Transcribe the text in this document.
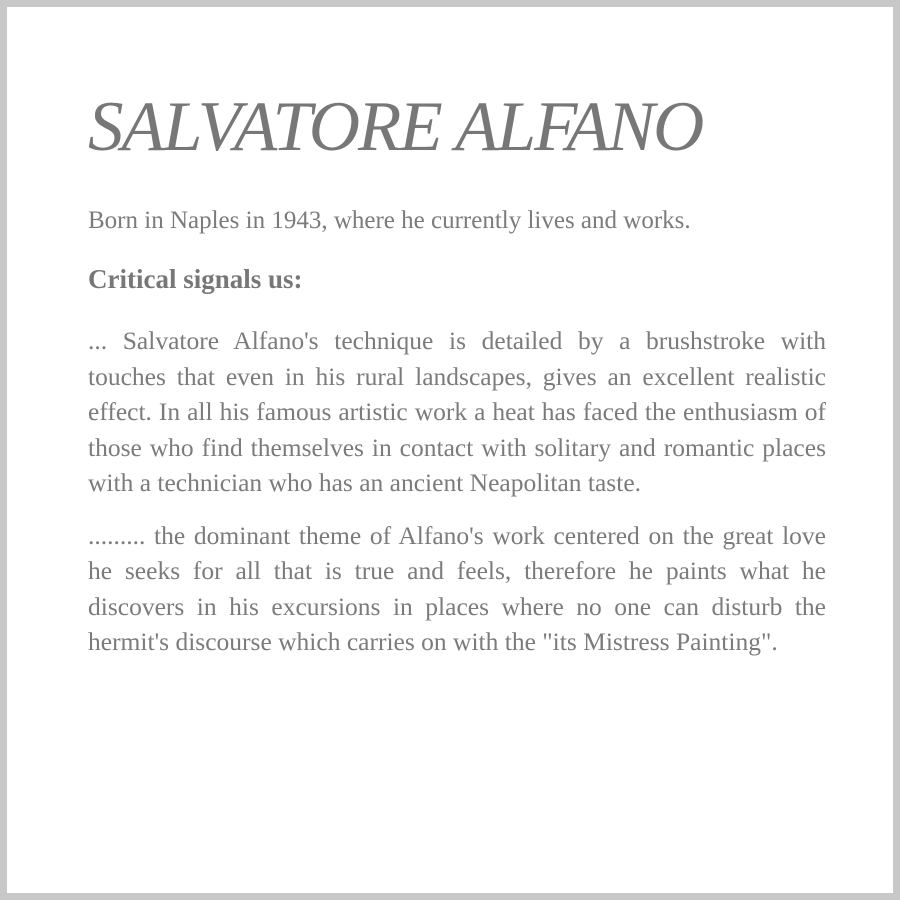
SALVATORE ALFANO

Born in Naples in 1943, where he currently lives and works.

Critical signals us:

... Salvatore Alfano's technique is detailed by a brushstroke with touches that even in his rural landscapes, gives an excellent realistic effect. In all his famous artistic work a heat has faced the enthusiasm of those who find themselves in contact with solitary and romantic places with a technician who has an ancient Neapolitan taste.

......... the dominant theme of Alfano's work centered on the great love he seeks for all that is true and feels, therefore he paints what he discovers in his excursions in places where no one can disturb the hermit's discourse which carries on with the "its Mistress Painting".
